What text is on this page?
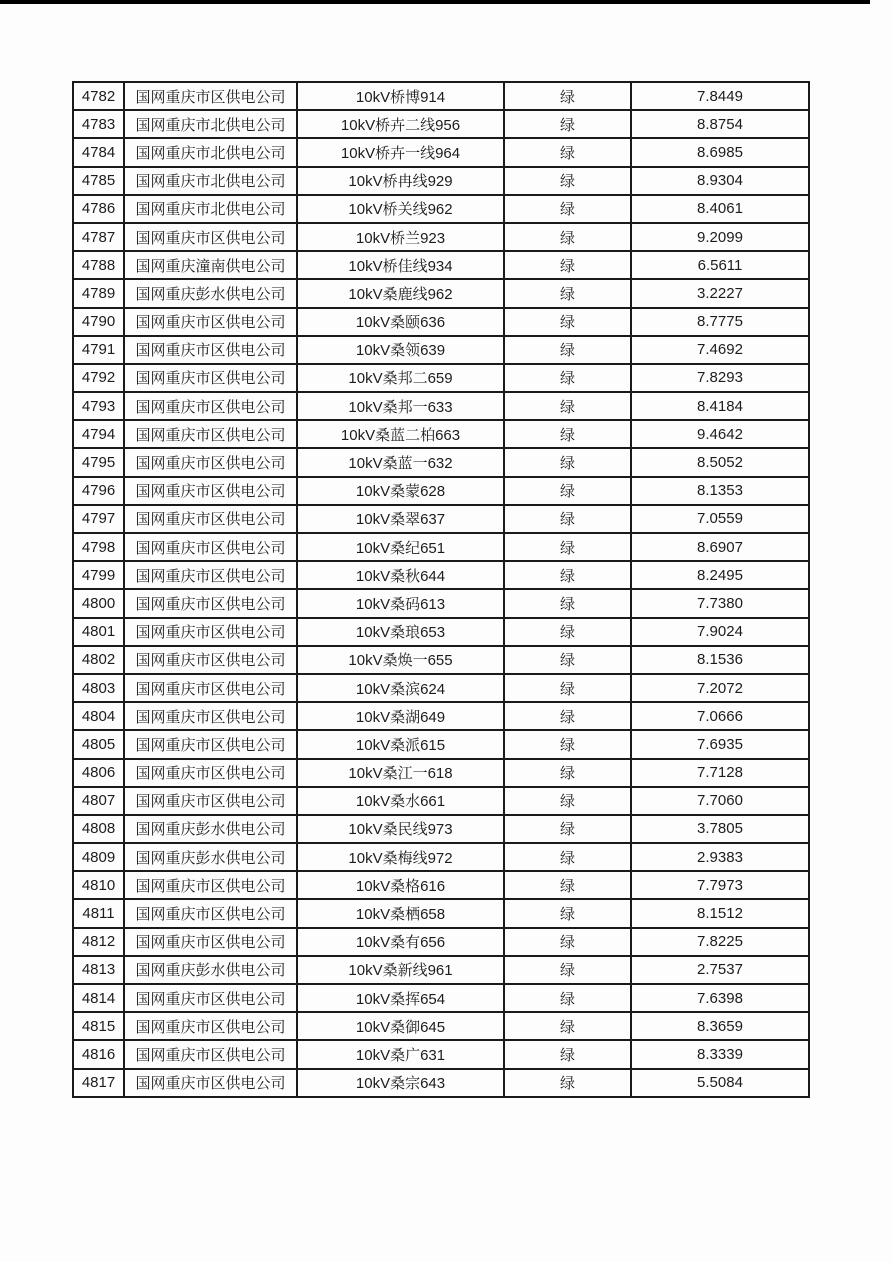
4782	国网重庆市区供电公司	10kV桥博914	绿	7.8449
4783	国网重庆市北供电公司	10kV桥卉二线956	绿	8.8754
4784	国网重庆市北供电公司	10kV桥卉一线964	绿	8.6985
4785	国网重庆市北供电公司	10kV桥冉线929	绿	8.9304
4786	国网重庆市北供电公司	10kV桥关线962	绿	8.4061
4787	国网重庆市区供电公司	10kV桥兰923	绿	9.2099
4788	国网重庆潼南供电公司	10kV桥佳线934	绿	6.5611
4789	国网重庆彭水供电公司	10kV桑鹿线962	绿	3.2227
4790	国网重庆市区供电公司	10kV桑颐636	绿	8.7775
4791	国网重庆市区供电公司	10kV桑领639	绿	7.4692
4792	国网重庆市区供电公司	10kV桑邦二659	绿	7.8293
4793	国网重庆市区供电公司	10kV桑邦一633	绿	8.4184
4794	国网重庆市区供电公司	10kV桑蓝二柏663	绿	9.4642
4795	国网重庆市区供电公司	10kV桑蓝一632	绿	8.5052
4796	国网重庆市区供电公司	10kV桑蒙628	绿	8.1353
4797	国网重庆市区供电公司	10kV桑翠637	绿	7.0559
4798	国网重庆市区供电公司	10kV桑纪651	绿	8.6907
4799	国网重庆市区供电公司	10kV桑秋644	绿	8.2495
4800	国网重庆市区供电公司	10kV桑码613	绿	7.7380
4801	国网重庆市区供电公司	10kV桑琅653	绿	7.9024
4802	国网重庆市区供电公司	10kV桑焕一655	绿	8.1536
4803	国网重庆市区供电公司	10kV桑滨624	绿	7.2072
4804	国网重庆市区供电公司	10kV桑湖649	绿	7.0666
4805	国网重庆市区供电公司	10kV桑派615	绿	7.6935
4806	国网重庆市区供电公司	10kV桑江一618	绿	7.7128
4807	国网重庆市区供电公司	10kV桑水661	绿	7.7060
4808	国网重庆彭水供电公司	10kV桑民线973	绿	3.7805
4809	国网重庆彭水供电公司	10kV桑梅线972	绿	2.9383
4810	国网重庆市区供电公司	10kV桑格616	绿	7.7973
4811	国网重庆市区供电公司	10kV桑栖658	绿	8.1512
4812	国网重庆市区供电公司	10kV桑有656	绿	7.8225
4813	国网重庆彭水供电公司	10kV桑新线961	绿	2.7537
4814	国网重庆市区供电公司	10kV桑挥654	绿	7.6398
4815	国网重庆市区供电公司	10kV桑御645	绿	8.3659
4816	国网重庆市区供电公司	10kV桑广631	绿	8.3339
4817	国网重庆市区供电公司	10kV桑宗643	绿	5.5084
